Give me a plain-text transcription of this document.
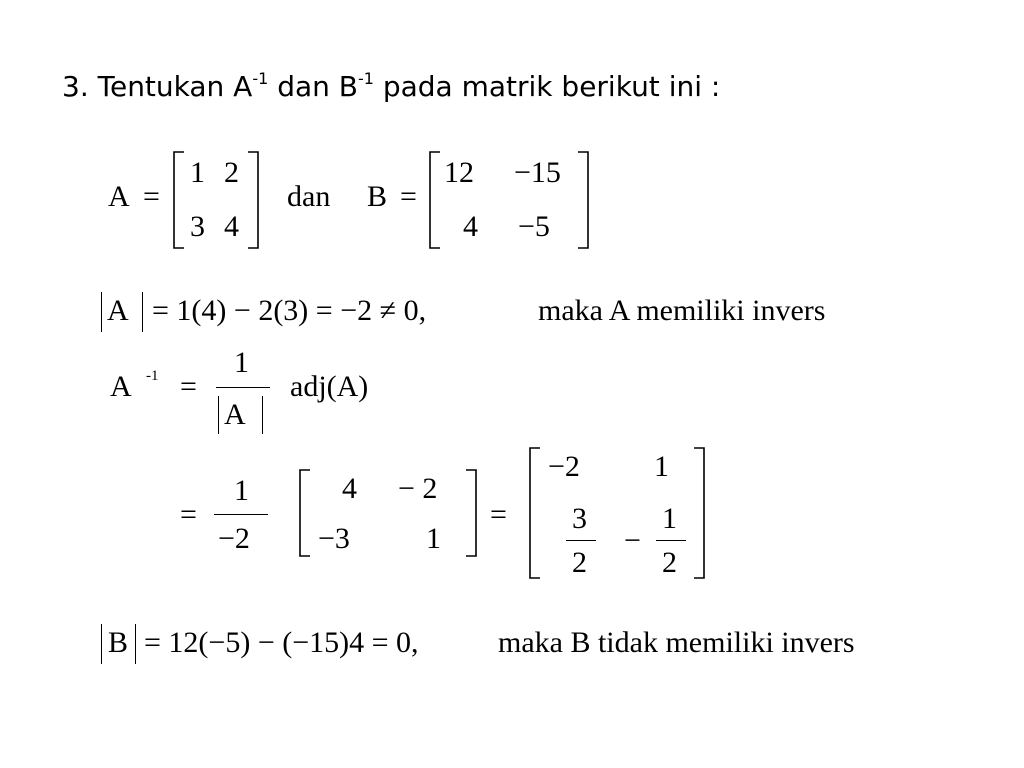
3. Tentukan $A^{-1}$ dan $B^{-1}$ pada matrik berikut ini :
A =
1 2
3 4
dan B =
12 −15
4 −5
A = 1(4) − 2(3) = −2 ≠ 0,	maka A memiliki invers
A -1 =
1
A
adj(A)
=
1
−2
4 − 2
−3	1
=
−2 1
3
2
−
1
2
B = 12(−5) − (−15)4 = 0,	maka B tidak memiliki invers
